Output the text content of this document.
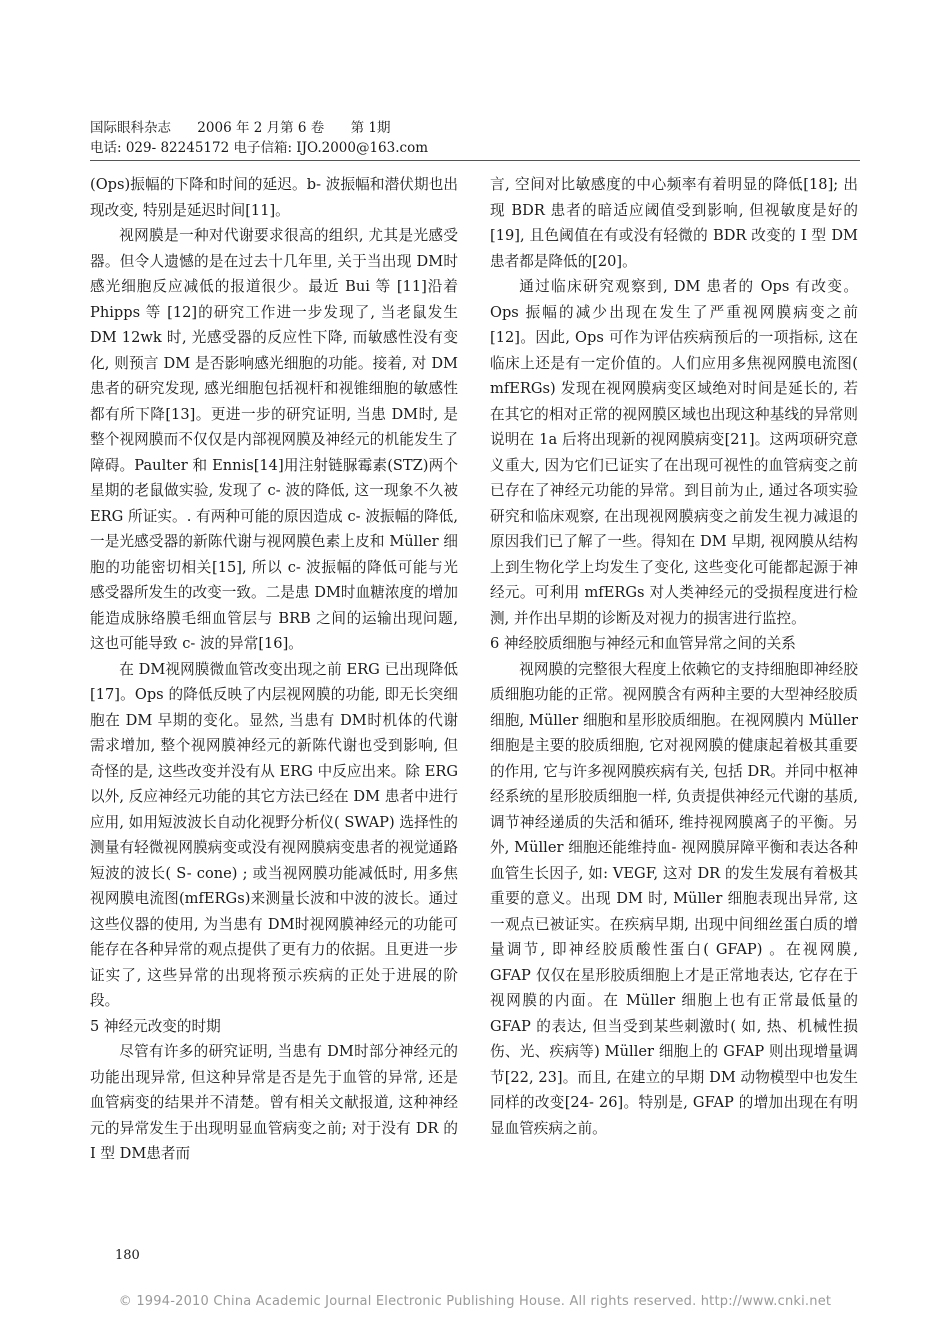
国际眼科杂志 2006 年 2 月第 6 卷 第 1期
电话: 029- 82245172 电子信箱: IJO.2000@163.com

(Ops)振幅的下降和时间的延迟。b- 波振幅和潜伏期也出现改变, 特别是延迟时间[11]。

视网膜是一种对代谢要求很高的组织, 尤其是光感受器。但令人遗憾的是在过去十几年里, 关于当出现 DM时感光细胞反应减低的报道很少。最近 Bui 等 [11]沿着 Phipps 等 [12]的研究工作进一步发现了, 当老鼠发生 DM 12wk 时, 光感受器的反应性下降, 而敏感性没有变化, 则预言 DM 是否影响感光细胞的功能。接着, 对 DM 患者的研究发现, 感光细胞包括视杆和视锥细胞的敏感性都有所下降[13]。更进一步的研究证明, 当患 DM时, 是整个视网膜而不仅仅是内部视网膜及神经元的机能发生了障碍。Paulter 和 Ennis[14]用注射链脲霉素(STZ)两个星期的老鼠做实验, 发现了 c- 波的降低, 这一现象不久被 ERG 所证实。. 有两种可能的原因造成 c- 波振幅的降低, 一是光感受器的新陈代谢与视网膜色素上皮和 Müller 细胞的功能密切相关[15], 所以 c- 波振幅的降低可能与光感受器所发生的改变一致。二是患 DM时血糖浓度的增加能造成脉络膜毛细血管层与 BRB 之间的运输出现问题, 这也可能导致 c- 波的异常[16]。

在 DM视网膜微血管改变出现之前 ERG 已出现降低[17]。Ops 的降低反映了内层视网膜的功能, 即无长突细胞在 DM 早期的变化。显然, 当患有 DM时机体的代谢需求增加, 整个视网膜神经元的新陈代谢也受到影响, 但奇怪的是, 这些改变并没有从 ERG 中反应出来。除 ERG 以外, 反应神经元功能的其它方法已经在 DM 患者中进行应用, 如用短波波长自动化视野分析仪( SWAP) 选择性的测量有轻微视网膜病变或没有视网膜病变患者的视觉通路短波的波长( S- cone) ; 或当视网膜功能减低时, 用多焦视网膜电流图(mfERGs)来测量长波和中波的波长。通过这些仪器的使用, 为当患有 DM时视网膜神经元的功能可能存在各种异常的观点提供了更有力的依据。且更进一步证实了, 这些异常的出现将预示疾病的正处于进展的阶段。

5 神经元改变的时期

尽管有许多的研究证明, 当患有 DM时部分神经元的功能出现异常, 但这种异常是否是先于血管的异常, 还是血管病变的结果并不清楚。曾有相关文献报道, 这种神经元的异常发生于出现明显血管病变之前; 对于没有 DR 的 I 型 DM患者而

言, 空间对比敏感度的中心频率有着明显的降低[18]; 出现 BDR 患者的暗适应阈值受到影响, 但视敏度是好的[19], 且色阈值在有或没有轻微的 BDR 改变的 I 型 DM 患者都是降低的[20]。

通过临床研究观察到, DM 患者的 Ops 有改变。Ops 振幅的减少出现在发生了严重视网膜病变之前[12]。因此, Ops 可作为评估疾病预后的一项指标, 这在临床上还是有一定价值的。人们应用多焦视网膜电流图( mfERGs) 发现在视网膜病变区域绝对时间是延长的, 若在其它的相对正常的视网膜区域也出现这种基线的异常则说明在 1a 后将出现新的视网膜病变[21]。这两项研究意义重大, 因为它们已证实了在出现可视性的血管病变之前已存在了神经元功能的异常。到目前为止, 通过各项实验研究和临床观察, 在出现视网膜病变之前发生视力减退的原因我们已了解了一些。得知在 DM 早期, 视网膜从结构上到生物化学上均发生了变化, 这些变化可能都起源于神经元。可利用 mfERGs 对人类神经元的受损程度进行检测, 并作出早期的诊断及对视力的损害进行监控。

6 神经胶质细胞与神经元和血管异常之间的关系

视网膜的完整很大程度上依赖它的支持细胞即神经胶质细胞功能的正常。视网膜含有两种主要的大型神经胶质细胞, Müller 细胞和星形胶质细胞。在视网膜内 Müller 细胞是主要的胶质细胞, 它对视网膜的健康起着极其重要的作用, 它与许多视网膜疾病有关, 包括 DR。并同中枢神经系统的星形胶质细胞一样, 负责提供神经元代谢的基质, 调节神经递质的失活和循环, 维持视网膜离子的平衡。另外, Müller 细胞还能维持血- 视网膜屏障平衡和表达各种血管生长因子, 如: VEGF, 这对 DR 的发生发展有着极其重要的意义。出现 DM 时, Müller 细胞表现出异常, 这一观点已被证实。在疾病早期, 出现中间细丝蛋白质的增量调节, 即神经胶质酸性蛋白( GFAP) 。在视网膜, GFAP 仅仅在星形胶质细胞上才是正常地表达, 它存在于视网膜的内面。在 Müller 细胞上也有正常最低量的 GFAP 的表达, 但当受到某些刺激时( 如, 热、机械性损伤、光、疾病等) Müller 细胞上的 GFAP 则出现增量调节[22, 23]。而且, 在建立的早期 DM 动物模型中也发生同样的改变[24- 26]。特别是, GFAP 的增加出现在有明显血管疾病之前。

180
© 1994-2010 China Academic Journal Electronic Publishing House. All rights reserved. http://www.cnki.net
